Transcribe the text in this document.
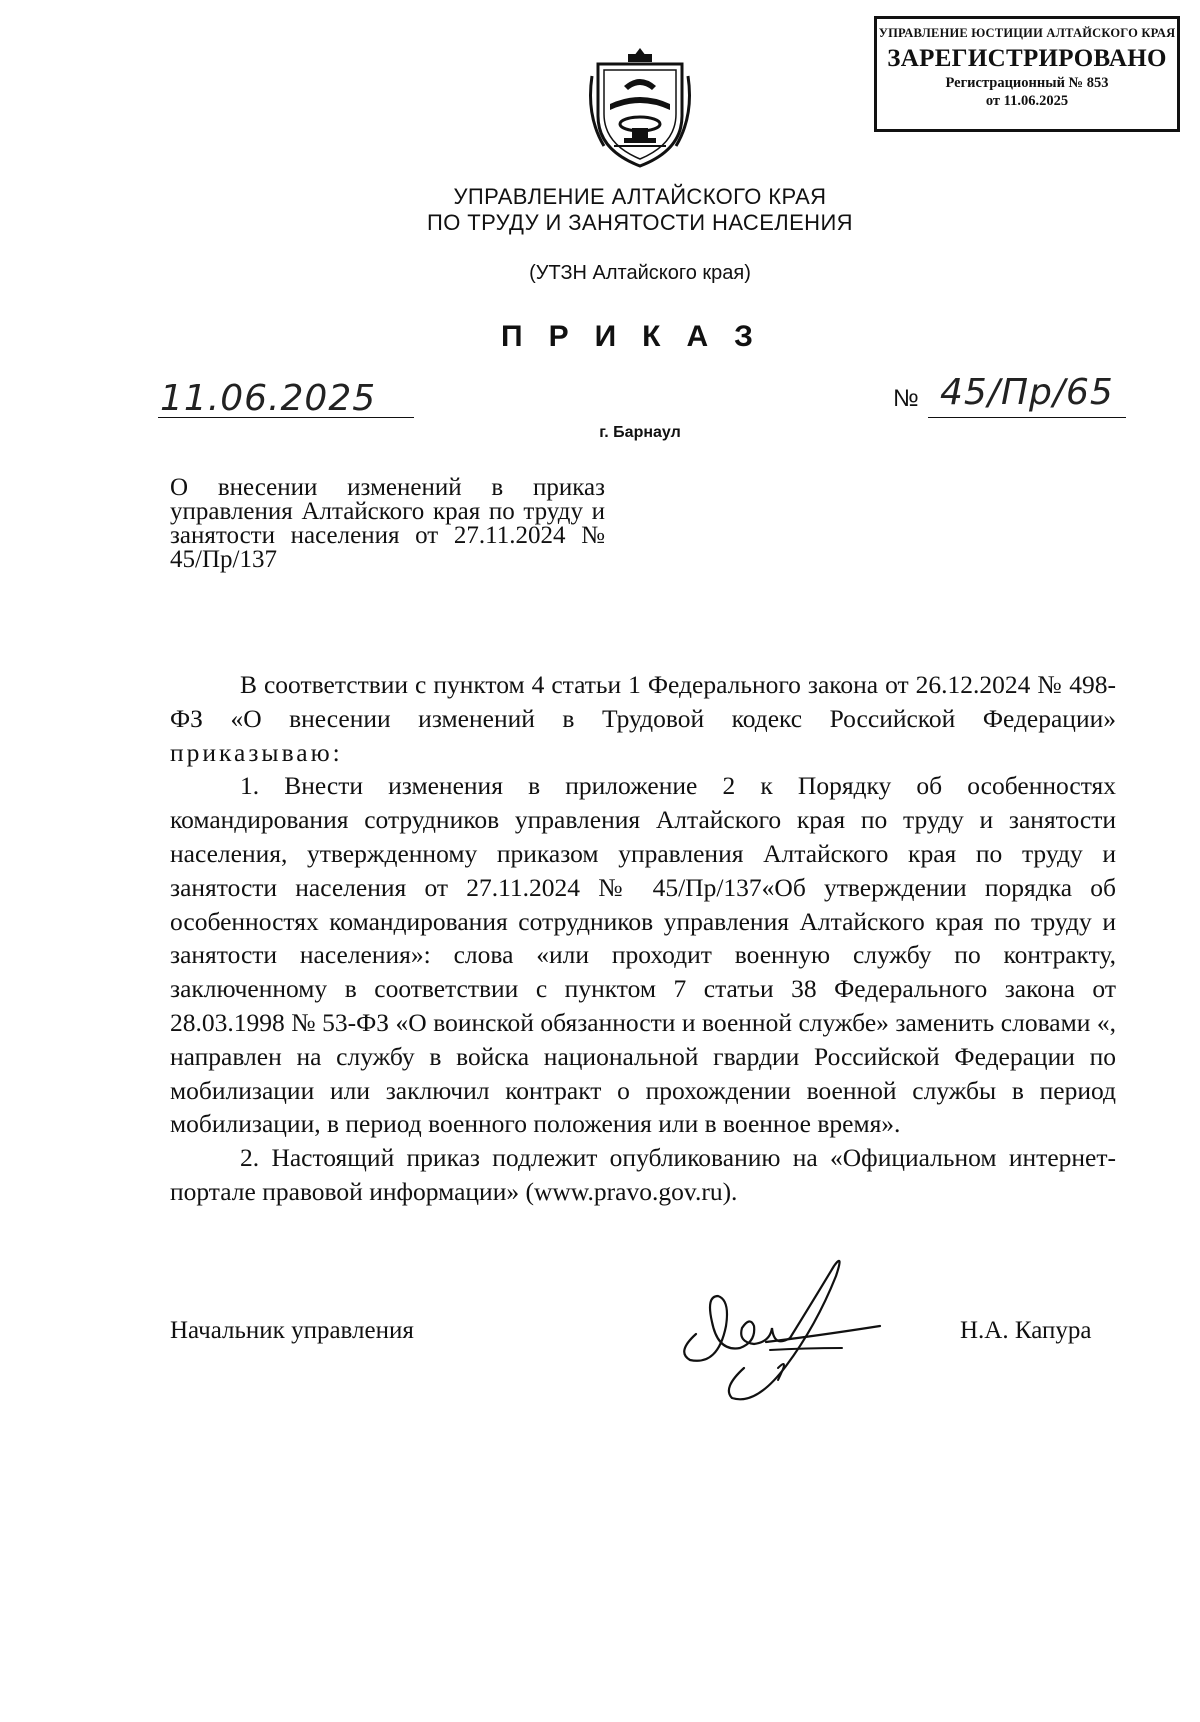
УПРАВЛЕНИЕ ЮСТИЦИИ АЛТАЙСКОГО КРАЯ
ЗАРЕГИСТРИРОВАНО
Регистрационный № 853
от 11.06.2025
УПРАВЛЕНИЕ АЛТАЙСКОГО КРАЯ
ПО ТРУДУ И ЗАНЯТОСТИ НАСЕЛЕНИЯ
(УТЗН Алтайского края)
ПРИКАЗ
11.06.2025	№ 45/Пр/65
г. Барнаул
О внесении изменений в приказ управления Алтайского края по труду и занятости населения от 27.11.2024 № 45/Пр/137

В соответствии с пунктом 4 статьи 1 Федерального закона от 26.12.2024 № 498-ФЗ «О внесении изменений в Трудовой кодекс Российской Федерации» приказываю:

1. Внести изменения в приложение 2 к Порядку об особенностях командирования сотрудников управления Алтайского края по труду и занятости населения, утвержденному приказом управления Алтайского края по труду и занятости населения от 27.11.2024 № 45/Пр/137«Об утверждении порядка об особенностях командирования сотрудников управления Алтайского края по труду и занятости населения»: слова «или проходит военную службу по контракту, заключенному в соответствии с пунктом 7 статьи 38 Федерального закона от 28.03.1998 № 53-ФЗ «О воинской обязанности и военной службе» заменить словами «, направлен на службу в войска национальной гвардии Российской Федерации по мобилизации или заключил контракт о прохождении военной службы в период мобилизации, в период военного положения или в военное время».

2. Настоящий приказ подлежит опубликованию на «Официальном интернет-портале правовой информации» (www.pravo.gov.ru).

Начальник управления	Н.А. Капура
